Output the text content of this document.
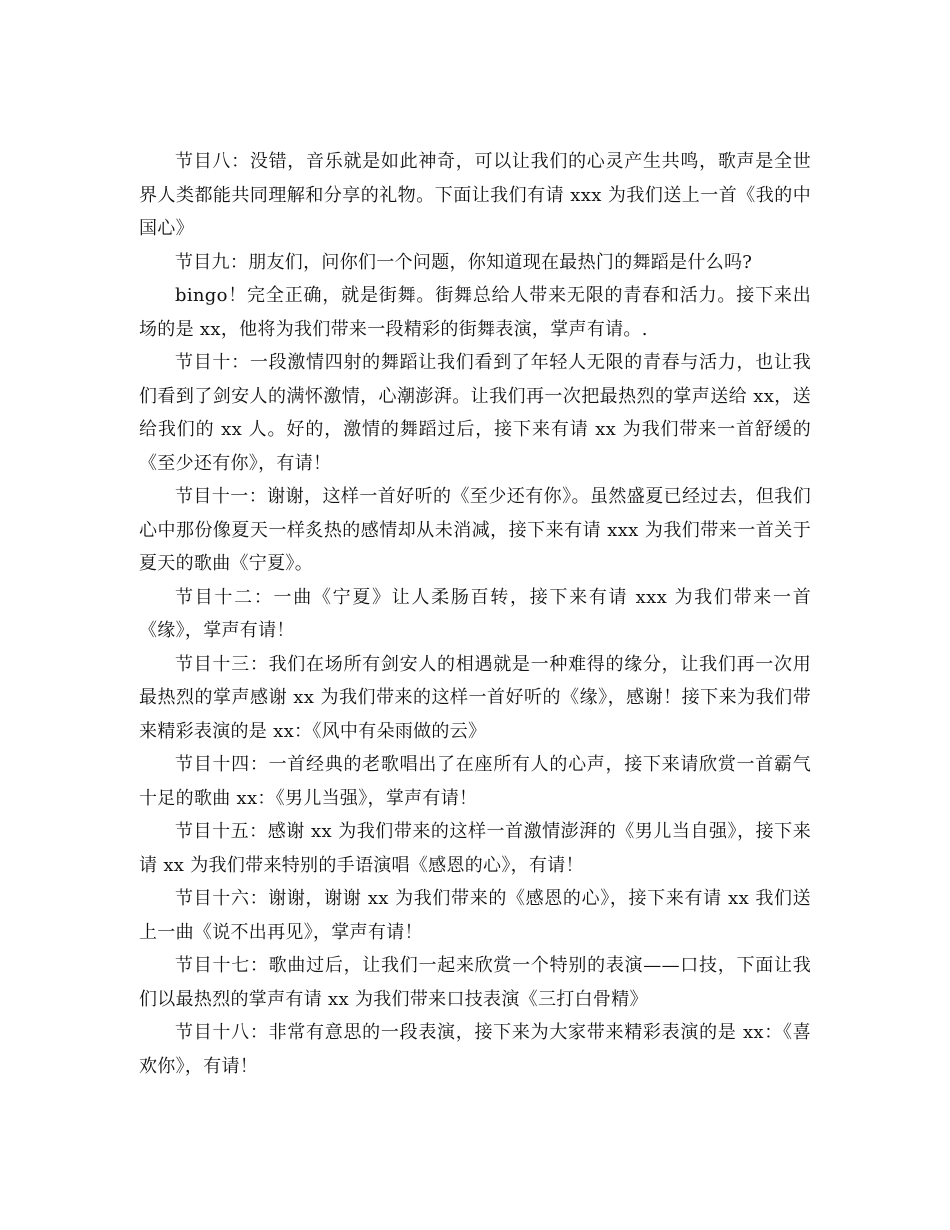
节目八：没错，音乐就是如此神奇，可以让我们的心灵产生共鸣，歌声是全世界人类都能共同理解和分享的礼物。下面让我们有请 xxx 为我们送上一首《我的中国心》

节目九：朋友们，问你们一个问题，你知道现在最热门的舞蹈是什么吗?

bingo！完全正确，就是街舞。街舞总给人带来无限的青春和活力。接下来出场的是 xx，他将为我们带来一段精彩的街舞表演，掌声有请。.

节目十：一段激情四射的舞蹈让我们看到了年轻人无限的青春与活力，也让我们看到了剑安人的满怀激情，心潮澎湃。让我们再一次把最热烈的掌声送给 xx，送给我们的 xx 人。好的，激情的舞蹈过后，接下来有请 xx 为我们带来一首舒缓的《至少还有你》，有请！

节目十一：谢谢，这样一首好听的《至少还有你》。虽然盛夏已经过去，但我们心中那份像夏天一样炙热的感情却从未消减，接下来有请 xxx 为我们带来一首关于夏天的歌曲《宁夏》。

节目十二：一曲《宁夏》让人柔肠百转，接下来有请 xxx 为我们带来一首《缘》，掌声有请！

节目十三：我们在场所有剑安人的相遇就是一种难得的缘分，让我们再一次用最热烈的掌声感谢 xx 为我们带来的这样一首好听的《缘》，感谢！接下来为我们带来精彩表演的是 xx：《风中有朵雨做的云》

节目十四：一首经典的老歌唱出了在座所有人的心声，接下来请欣赏一首霸气十足的歌曲 xx：《男儿当强》，掌声有请！

节目十五：感谢 xx 为我们带来的这样一首激情澎湃的《男儿当自强》，接下来请 xx 为我们带来特别的手语演唱《感恩的心》，有请！

节目十六：谢谢，谢谢 xx 为我们带来的《感恩的心》，接下来有请 xx 我们送上一曲《说不出再见》，掌声有请！

节目十七：歌曲过后，让我们一起来欣赏一个特别的表演——口技，下面让我们以最热烈的掌声有请 xx 为我们带来口技表演《三打白骨精》

节目十八：非常有意思的一段表演，接下来为大家带来精彩表演的是 xx：《喜欢你》，有请！
